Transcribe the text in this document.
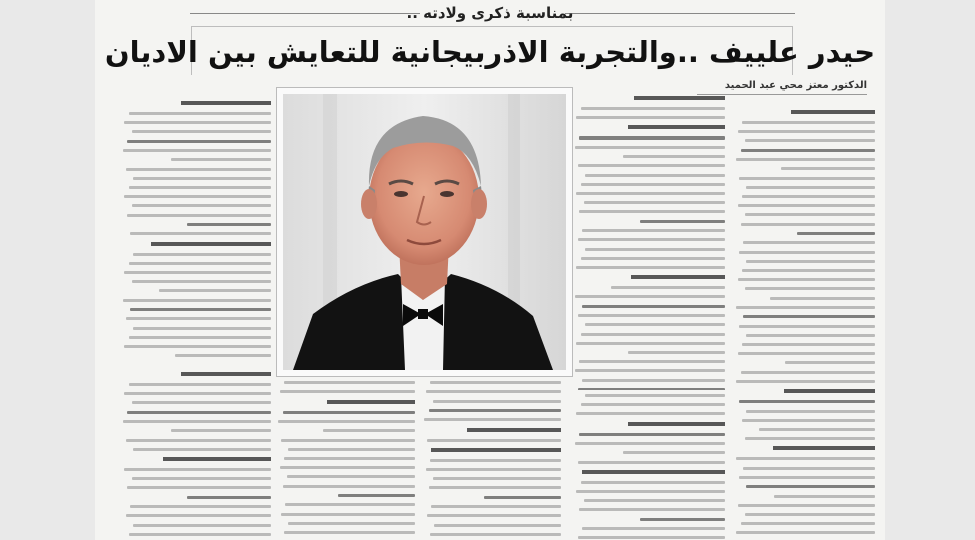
بمناسبة ذكرى ولادته ..
حيدر علييف ..والتجربة الاذربيجانية للتعايش بين الاديان
الدكتور معتز محي عبد الحميد
